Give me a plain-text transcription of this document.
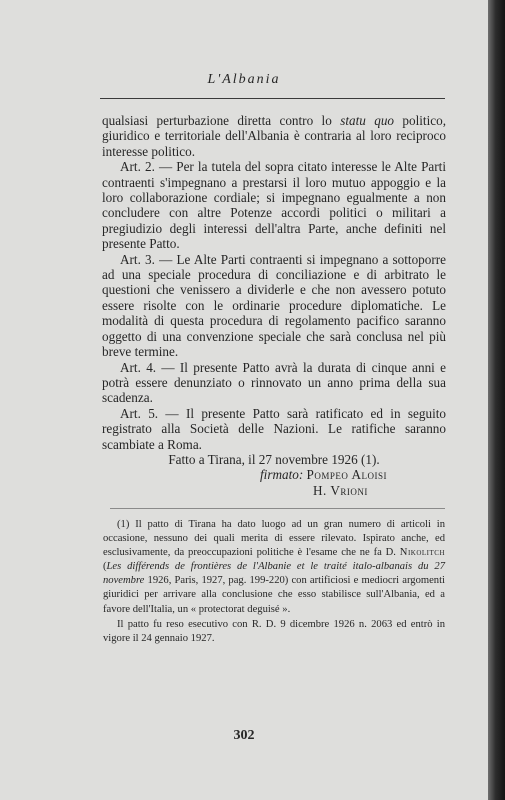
L'Albania

qualsiasi perturbazione diretta contro lo statu quo politico, giuridico e territoriale dell'Albania è contraria al loro reciproco interesse politico.

Art. 2. — Per la tutela del sopra citato interesse le Alte Parti contraenti s'impegnano a prestarsi il loro mutuo appoggio e la loro collaborazione cordiale; si impegnano egualmente a non concludere con altre Potenze accordi politici o militari a pregiudizio degli interessi dell'altra Parte, anche definiti nel presente Patto.

Art. 3. — Le Alte Parti contraenti si impegnano a sottoporre ad una speciale procedura di conciliazione e di arbitrato le questioni che venissero a dividerle e che non avessero potuto essere risolte con le ordinarie procedure diplomatiche. Le modalità di questa procedura di regolamento pacifico saranno oggetto di una convenzione speciale che sarà conclusa nel più breve termine.

Art. 4. — Il presente Patto avrà la durata di cinque anni e potrà essere denunziato o rinnovato un anno prima della sua scadenza.

Art. 5. — Il presente Patto sarà ratificato ed in seguito registrato alla Società delle Nazioni. Le ratifiche saranno scambiate a Roma.

Fatto a Tirana, il 27 novembre 1926 (1).

firmato: Pompeo Aloisi
H. Vrioni

(1) Il patto di Tirana ha dato luogo ad un gran numero di articoli in occasione, nessuno dei quali merita di essere rilevato. Ispirato anche, ed esclusivamente, da preoccupazioni politiche è l'esame che ne fa D. Nikolitch (Les différends de frontières de l'Albanie et le traité italo-albanais du 27 novembre 1926, Paris, 1927, pag. 199-220) con artificiosi e mediocri argomenti giuridici per arrivare alla conclusione che esso stabilisce sull'Albania, ed a favore dell'Italia, un « protectorat deguisé ».

Il patto fu reso esecutivo con R. D. 9 dicembre 1926 n. 2063 ed entrò in vigore il 24 gennaio 1927.

302
